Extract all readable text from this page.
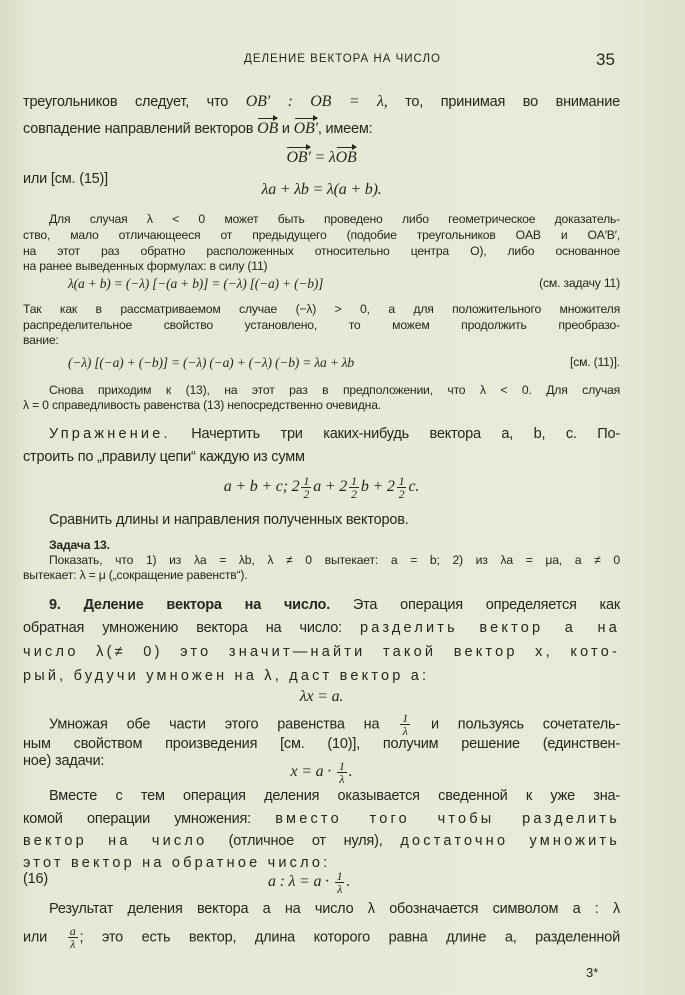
ДЕЛЕНИЕ ВЕКТОРА НА ЧИСЛО	35
треугольников следует, что OB′ : OB = λ, то, принимая во внимание
совпадение направлений векторов OB и OB′, имеем:
OB′ = λOB
или [см. (15)]
λa + λb = λ(a + b).
Для случая λ < 0 может быть проведено либо геометрическое доказатель-
ство, мало отличающееся от предыдущего (подобие треугольников OAB и OA′B′,
на этот раз обратно расположенных относительно центра O), либо основанное
на ранее выведенных формулах: в силу (11)
λ(a + b) = (−λ) [−(a + b)] = (−λ) [(−a) + (−b)]	(см. задачу 11)
Так как в рассматриваемом случае (−λ) > 0, а для положительного множителя
распределительное свойство установлено, то можем продолжить преобразо-
вание:
(−λ) [(−a) + (−b)] = (−λ) (−a) + (−λ) (−b) = λa + λb	[см. (11)].
Снова приходим к (13), на этот раз в предположении, что λ < 0. Для случая
λ = 0 справедливость равенства (13) непосредственно очевидна.
Упражнение. Начертить три каких-нибудь вектора a, b, c. По-
строить по „правилу цепи“ каждую из сумм
a + b + c; $2 \frac{1}{2}$ $a + 2 \frac{1}{2}$ $b + 2 \frac{1}{2} c$.
Сравнить длины и направления полученных векторов.
Задача 13.
Показать, что 1) из λa = λb, λ ≠ 0 вытекает: a = b; 2) из λa = μa, a ≠ 0
вытекает: λ = μ („сокращение равенств“).
9. Деление вектора на число. Эта операция определяется как
обратная умножению вектора на число: разделить вектор a на
число λ(≠ 0) это значит—найти такой вектор x, кото-
рый, будучи умножен на λ, даст вектор a:
λx = a.
Умножая обе части этого равенства на $\frac{1}{\lambda}$ и пользуясь сочетатель-
ным свойством произведения [см. (10)], получим решение (единствен-
ное) задачи:
$x = a \cdot \frac{1}{\lambda}$ .
Вместе с тем операция деления оказывается сведенной к уже зна-
комой операции умножения: вместо того чтобы разделить
вектор на число (отличное от нуля), достаточно умножить
этот вектор на обратное число:
(16)	a : $\lambda = a \cdot \frac{1}{\lambda}$ .
Результат деления вектора a на число λ обозначается символом a : λ
или $\frac{a}{\lambda}$ ; это есть вектор, длина которого равна длине a, разделенной
3*
